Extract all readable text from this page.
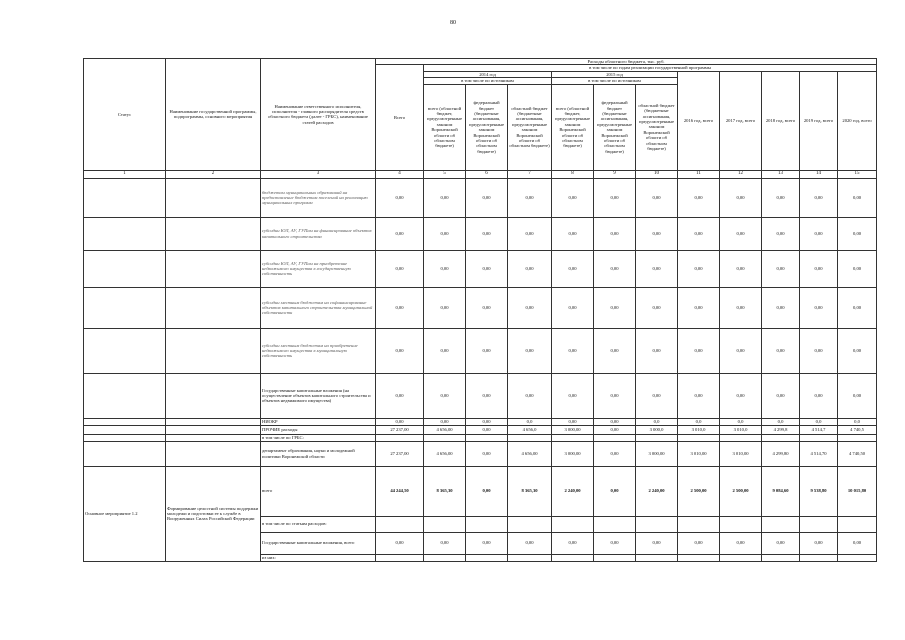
80
Статус	Наименование государственной программы, подпрограммы, основного мероприятия	Наименование ответственного исполнителя, исполнителя - главного распорядителя средств областного бюджета (далее - ГРБС), наименование статей расходов	Расходы областного бюджета, тыс. руб.											
			Всего	в том числе по годам реализации государственной программы										
				2014 год			2015 год			2016 год, всего	2017 год, всего	2018 год, всего	2019 год, всего	2020 год, всего
				в том числе по источникам			в том числе по источникам							
				всего (областной бюджет, предусмотренные законом Воронежской области об областном бюджете)	федеральный бюджет (бюджетные ассигнования, предусмотренные законом Воронежской области об областном бюджете)	областной бюджет (бюджетные ассигнования, предусмотренные законом Воронежской области об областном бюджете)	всего (областной бюджет, предусмотренные законом Воронежской области об областном бюджете)	федеральный бюджет (бюджетные ассигнования, предусмотренные законом Воронежской области об областном бюджете)	областной бюджет (бюджетные ассигнования, предусмотренные законом Воронежской области об областном бюджете)					
1	2	3	4	5	6	7	8	9	10	11	12	13	14	15
		бюджетам муниципальных образований на предоставление бюджетам поселений на реализацию муниципальных программ	0,00	0,00	0,00	0,00	0,00	0,00	0,00	0,00	0,00	0,00	0,00	0,00
		субсидии ЮЛ, АУ, ГУПам на финансирование объектов капитального строительства	0,00	0,00	0,00	0,00	0,00	0,00	0,00	0,00	0,00	0,00	0,00	0,00
		субсидии ЮЛ, АУ, ГУПам на приобретение недвижимого имущества в государственную собственность	0,00	0,00	0,00	0,00	0,00	0,00	0,00	0,00	0,00	0,00	0,00	0,00
		субсидии местным бюджетам на софинансирование объектов капитального строительства муниципальной собственности	0,00	0,00	0,00	0,00	0,00	0,00	0,00	0,00	0,00	0,00	0,00	0,00
		субсидии местным бюджетам на приобретение недвижимого имущества в муниципальную собственность	0,00	0,00	0,00	0,00	0,00	0,00	0,00	0,00	0,00	0,00	0,00	0,00
		Государственные капитальные вложения (на осуществление объектов капитального строительства и объектов недвижимого имущества)	0,00	0,00	0,00	0,00	0,00	0,00	0,00	0,00	0,00	0,00	0,00	0,00
		НИОКР	0,00	0,00	0,00	0,0	0,00	0,00	0,0	0,0	0,0	0,0	0,0	0,0
		ПРОЧИЕ расходы	27 237,00	4 656,00	0,00	4 656,0	3 000,00	0,00	3 000,0	3 010,0	3 010,0	4 299,8	4 514,7	4 740,5
		в том числе по ГРБС:												
		департамент образования, науки и молодежной политики Воронежской области	27 237,00	4 656,00	0,00	4 656,00	3 000,00	0,00	3 000,00	3 010,00	3 010,00	4 299,80	4 514,70	4 740,50
Основное мероприятие 1.2	Формирование целостной системы поддержки молодежи и подготовки ее к службе в Вооруженных Силах Российской Федерации	всего	44 244,50	8 365,30	0,00	8 365,30	2 240,00	0,00	2 240,00	2 500,00	2 500,00	9 084,60	9 538,80	10 015,80
		в том числе по статьям расходов:												
		Государственные капитальные вложения, всего	0,00	0,00	0,00	0,00	0,00	0,00	0,00	0,00	0,00	0,00	0,00	0,00
		из них:												
